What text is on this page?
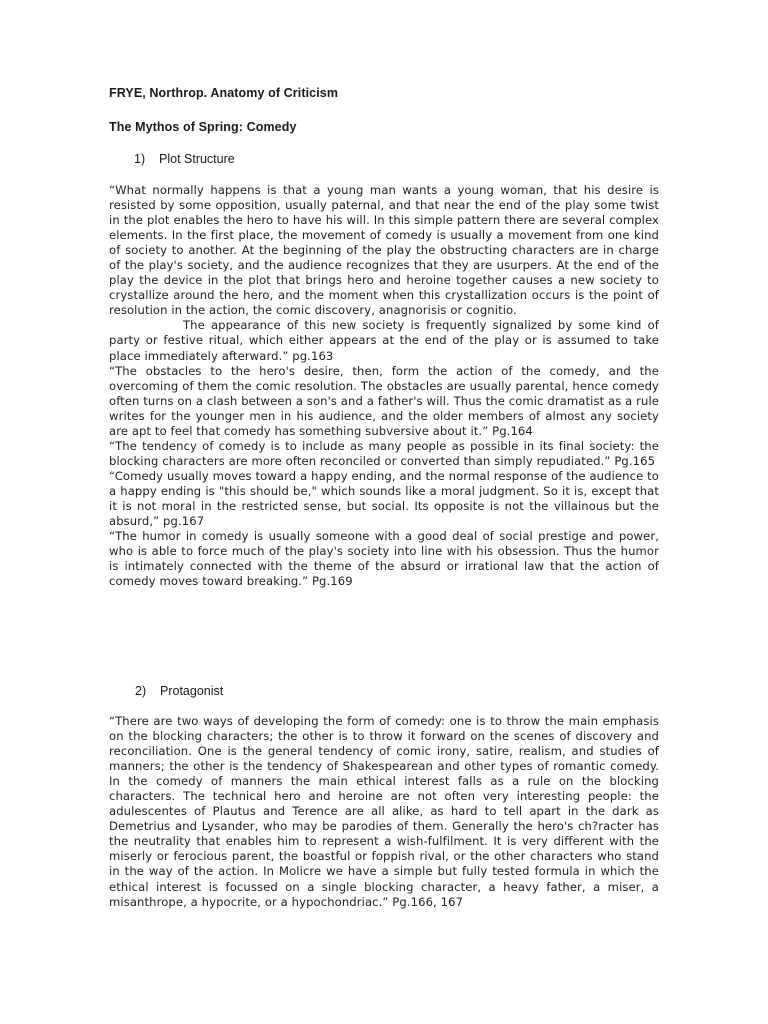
FRYE, Northrop. Anatomy of Criticism
The Mythos of Spring: Comedy
1) Plot Structure

“What normally happens is that a young man wants a young woman, that his desire is resisted by some opposition, usually paternal, and that near the end of the play some twist in the plot enables the hero to have his will. In this simple pattern there are several complex elements. In the first place, the movement of comedy is usually a movement from one kind of society to another. At the beginning of the play the obstructing characters are in charge of the play's society, and the audience recognizes that they are usurpers. At the end of the play the device in the plot that brings hero and heroine together causes a new society to crystallize around the hero, and the moment when this crystallization occurs is the point of resolution in the action, the comic discovery, anagnorisis or cognitio.

The appearance of this new society is frequently signalized by some kind of party or festive ritual, which either appears at the end of the play or is assumed to take place immediately afterward.” pg.163

“The obstacles to the hero's desire, then, form the action of the comedy, and the overcoming of them the comic resolution. The obstacles are usually parental, hence comedy often turns on a clash between a son's and a father's will. Thus the comic dramatist as a rule writes for the younger men in his audience, and the older members of almost any society are apt to feel that comedy has something subversive about it.” Pg.164

“The tendency of comedy is to include as many people as possible in its final society: the blocking characters are more often reconciled or converted than simply repudiated.” Pg.165

“Comedy usually moves toward a happy ending, and the normal response of the audience to a happy ending is "this should be," which sounds like a moral judgment. So it is, except that it is not moral in the restricted sense, but social. Its opposite is not the villainous but the absurd,” pg.167

“The humor in comedy is usually someone with a good deal of social prestige and power, who is able to force much of the play's society into line with his obsession. Thus the humor is intimately connected with the theme of the absurd or irrational law that the action of comedy moves toward breaking.” Pg.169

2) Protagonist

“There are two ways of developing the form of comedy: one is to throw the main emphasis on the blocking characters; the other is to throw it forward on the scenes of discovery and reconciliation. One is the general tendency of comic irony, satire, realism, and studies of manners; the other is the tendency of Shakespearean and other types of romantic comedy. In the comedy of manners the main ethical interest falls as a rule on the blocking characters. The technical hero and heroine are not often very interesting people: the adulescentes of Plautus and Terence are all alike, as hard to tell apart in the dark as Demetrius and Lysander, who may be parodies of them. Generally the hero's ch?racter has the neutrality that enables him to represent a wish-fulfilment. It is very different with the miserly or ferocious parent, the boastful or foppish rival, or the other characters who stand in the way of the action. In Molicre we have a simple but fully tested formula in which the ethical interest is focussed on a single blocking character, a heavy father, a miser, a misanthrope, a hypocrite, or a hypochondriac.” Pg.166, 167
